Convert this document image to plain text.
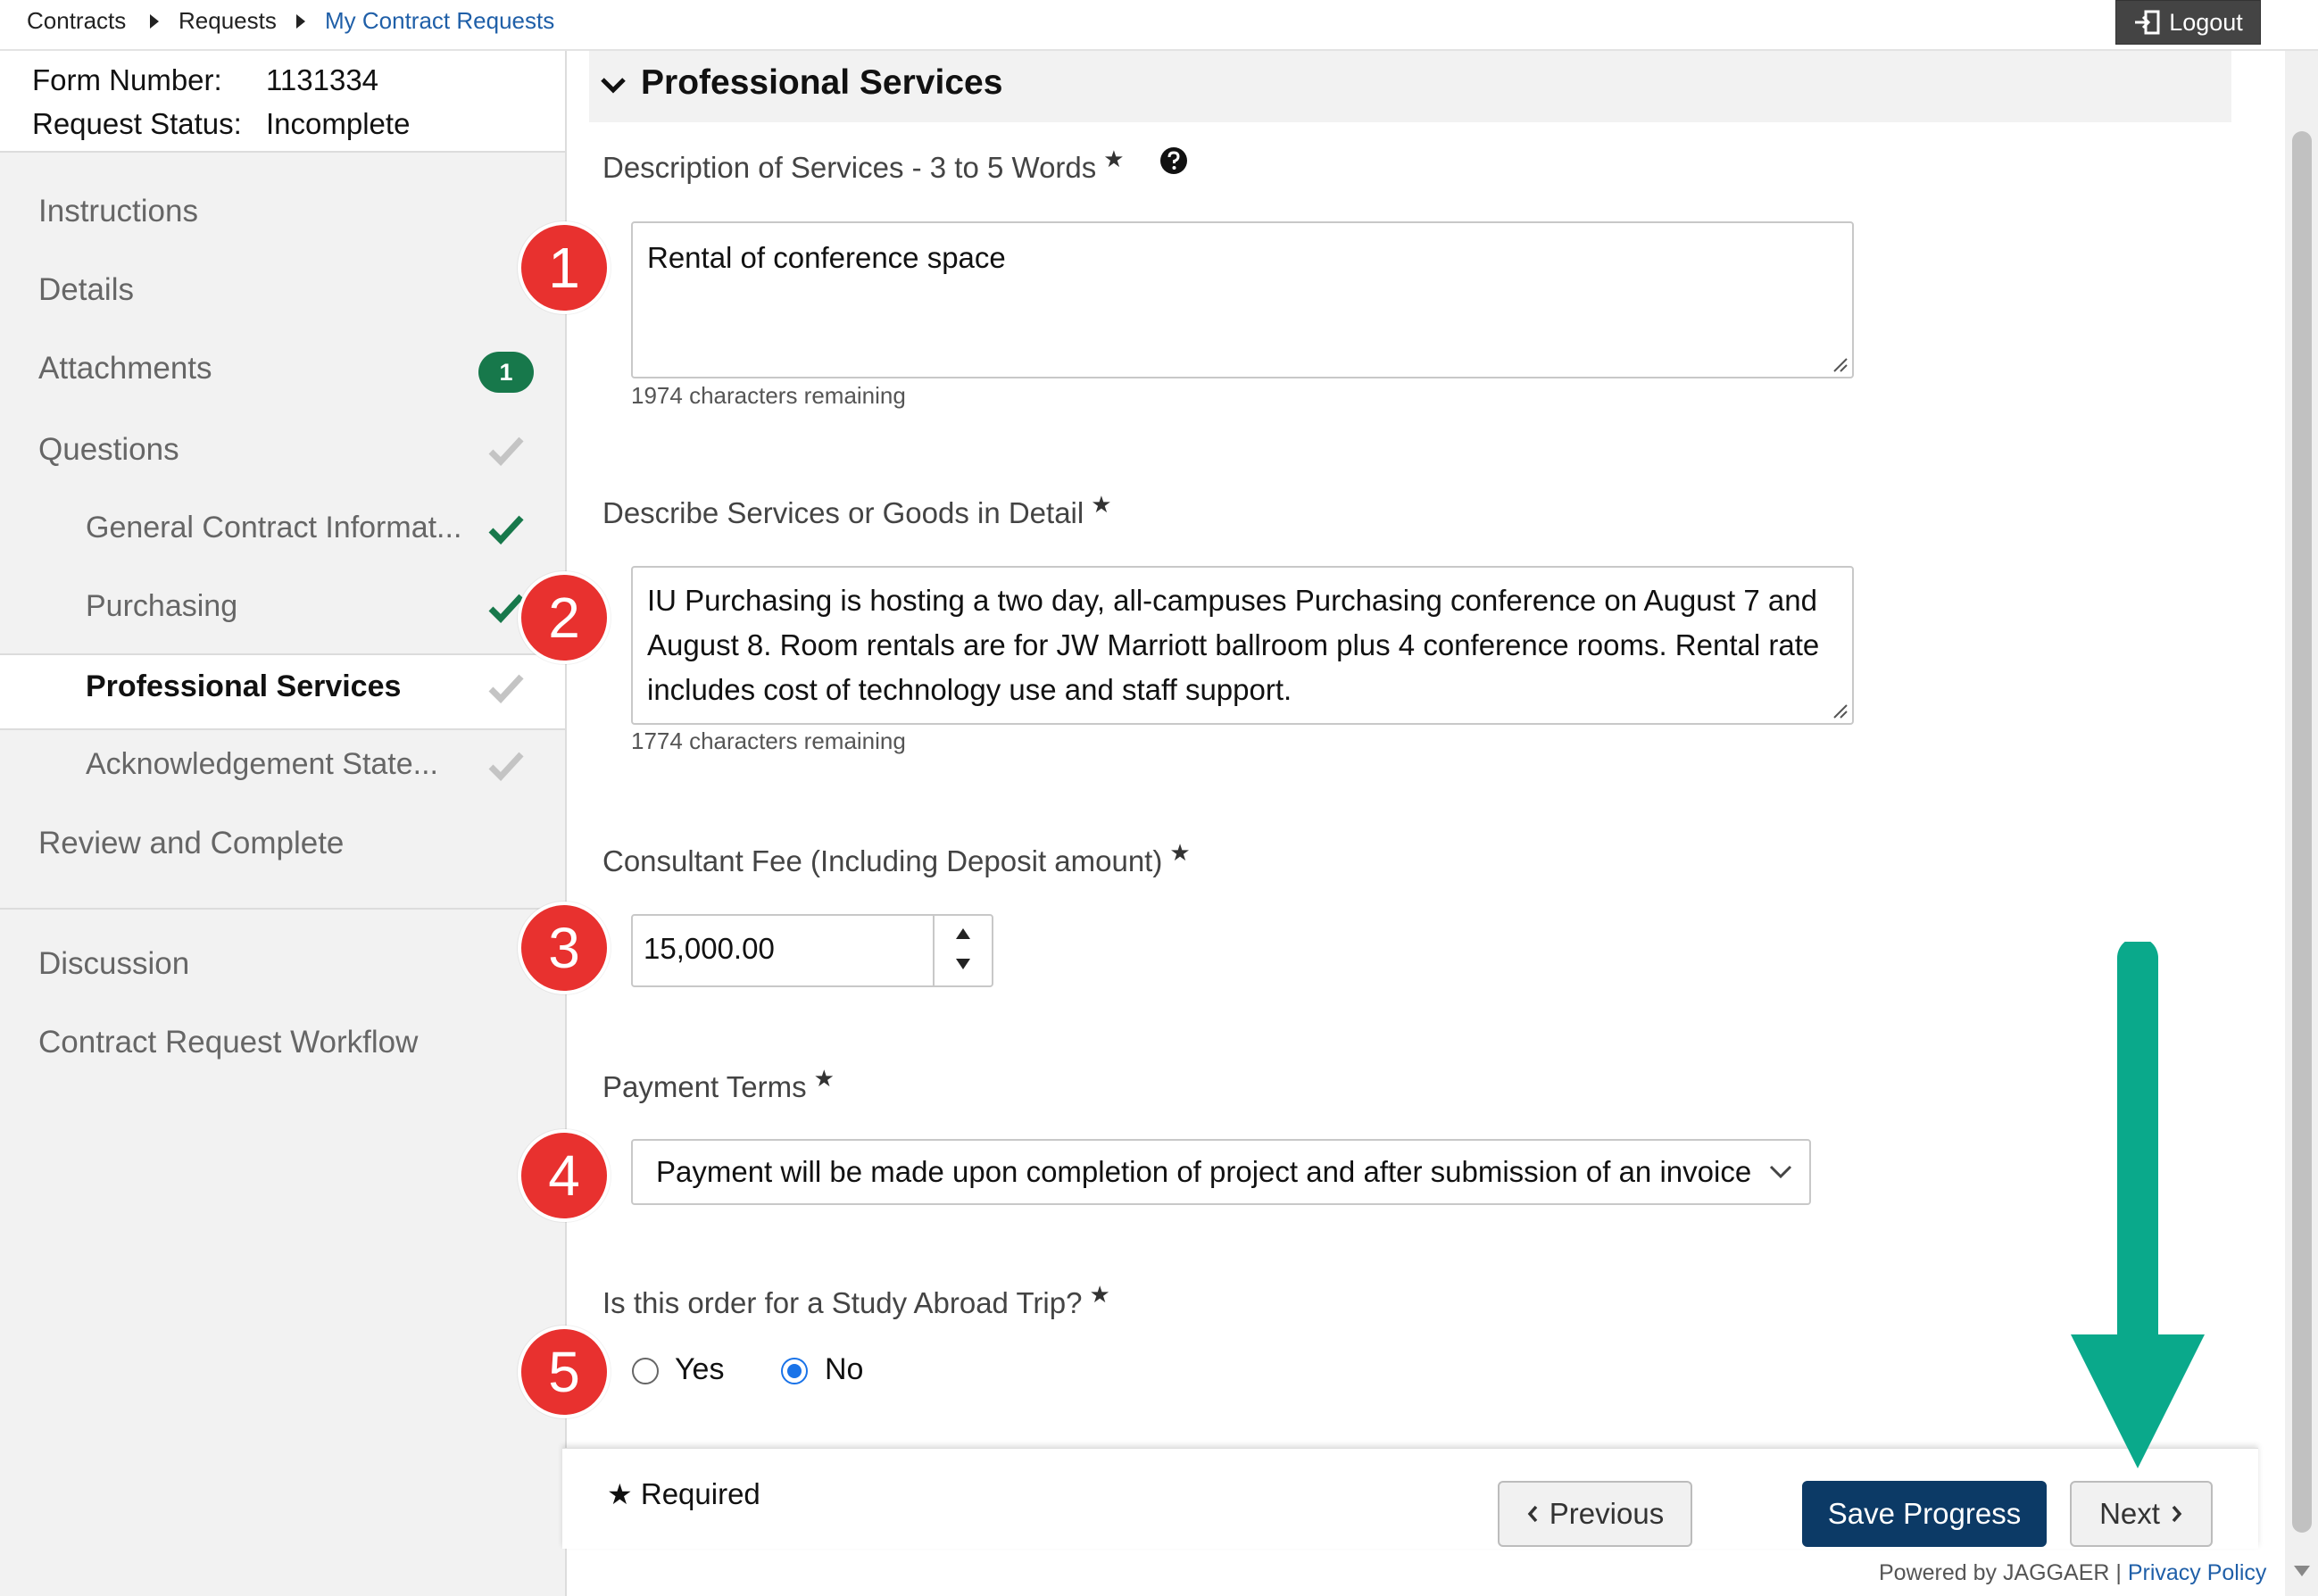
Contracts Requests My Contract Requests	Logout
Form Number: 1131334
Request Status: Incomplete
Instructions
Details
Attachments	1
Questions
General Contract Informat...
Purchasing
Professional Services
Acknowledgement State...
Review and Complete
Discussion
Contract Request Workflow
Professional Services
Description of Services - 3 to 5 Words ★
Rental of conference space
1974 characters remaining
Describe Services or Goods in Detail ★
IU Purchasing is hosting a two day, all-campuses Purchasing conference on August 7 and August 8. Room rentals are for JW Marriott ballroom plus 4 conference rooms. Rental rate includes cost of technology use and staff support.
1774 characters remaining
Consultant Fee (Including Deposit amount) ★
15,000.00
Payment Terms ★
Payment will be made upon completion of project and after submission of an invoice
Is this order for a Study Abroad Trip? ★
Yes	No
1
2
3
4
5
★ Required
Previous	Save Progress	Next
Powered by JAGGAER | Privacy Policy
